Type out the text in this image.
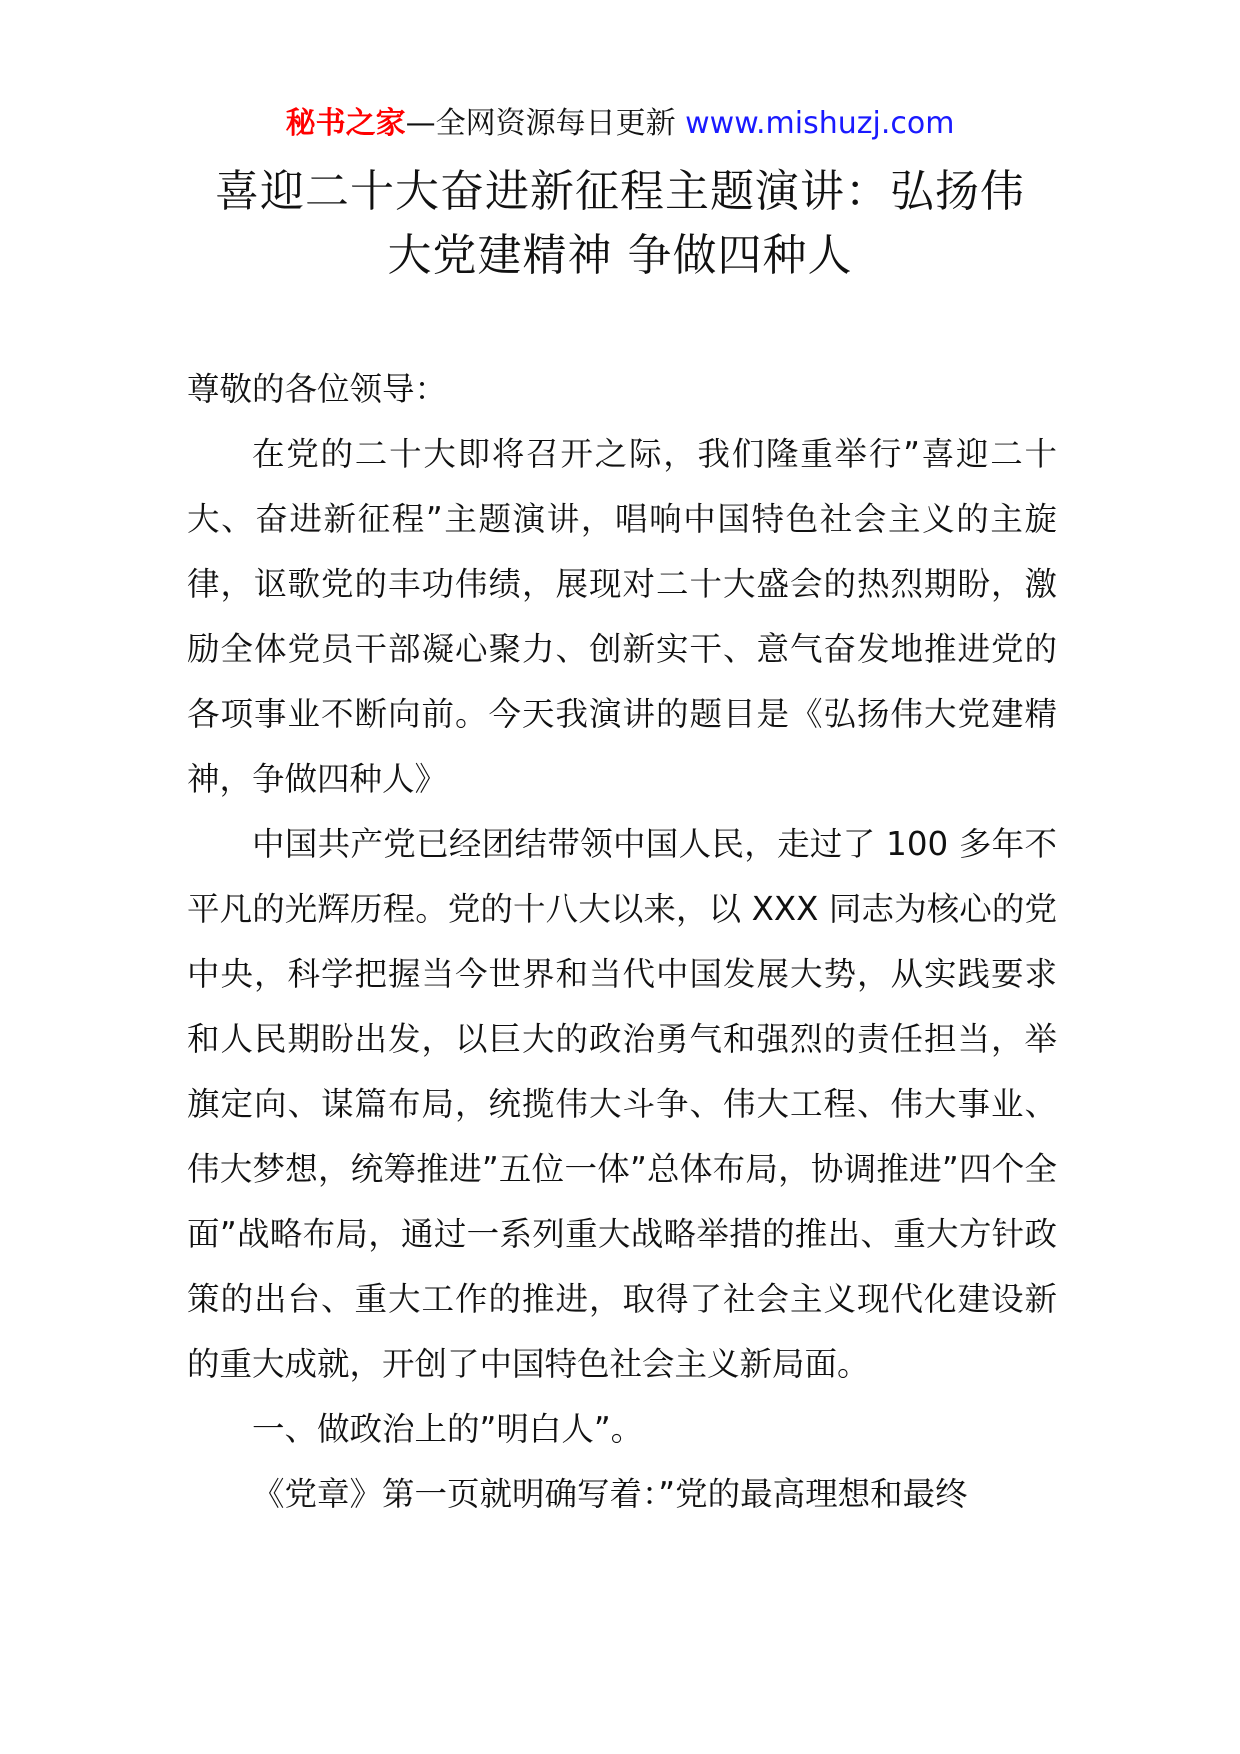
秘书之家—全网资源每日更新 www.mishuzj.com
喜迎二十大奋进新征程主题演讲：弘扬伟
大党建精神 争做四种人

尊敬的各位领导：

在党的二十大即将召开之际，我们隆重举行”喜迎二十大、奋进新征程”主题演讲，唱响中国特色社会主义的主旋律，讴歌党的丰功伟绩，展现对二十大盛会的热烈期盼，激励全体党员干部凝心聚力、创新实干、意气奋发地推进党的各项事业不断向前。今天我演讲的题目是《弘扬伟大党建精神，争做四种人》

中国共产党已经团结带领中国人民，走过了 100 多年不平凡的光辉历程。党的十八大以来，以 XXX 同志为核心的党中央，科学把握当今世界和当代中国发展大势，从实践要求和人民期盼出发，以巨大的政治勇气和强烈的责任担当，举旗定向、谋篇布局，统揽伟大斗争、伟大工程、伟大事业、伟大梦想，统筹推进”五位一体”总体布局，协调推进”四个全面”战略布局，通过一系列重大战略举措的推出、重大方针政策的出台、重大工作的推进，取得了社会主义现代化建设新的重大成就，开创了中国特色社会主义新局面。

一、做政治上的”明白人”。

《党章》第一页就明确写着：”党的最高理想和最终
